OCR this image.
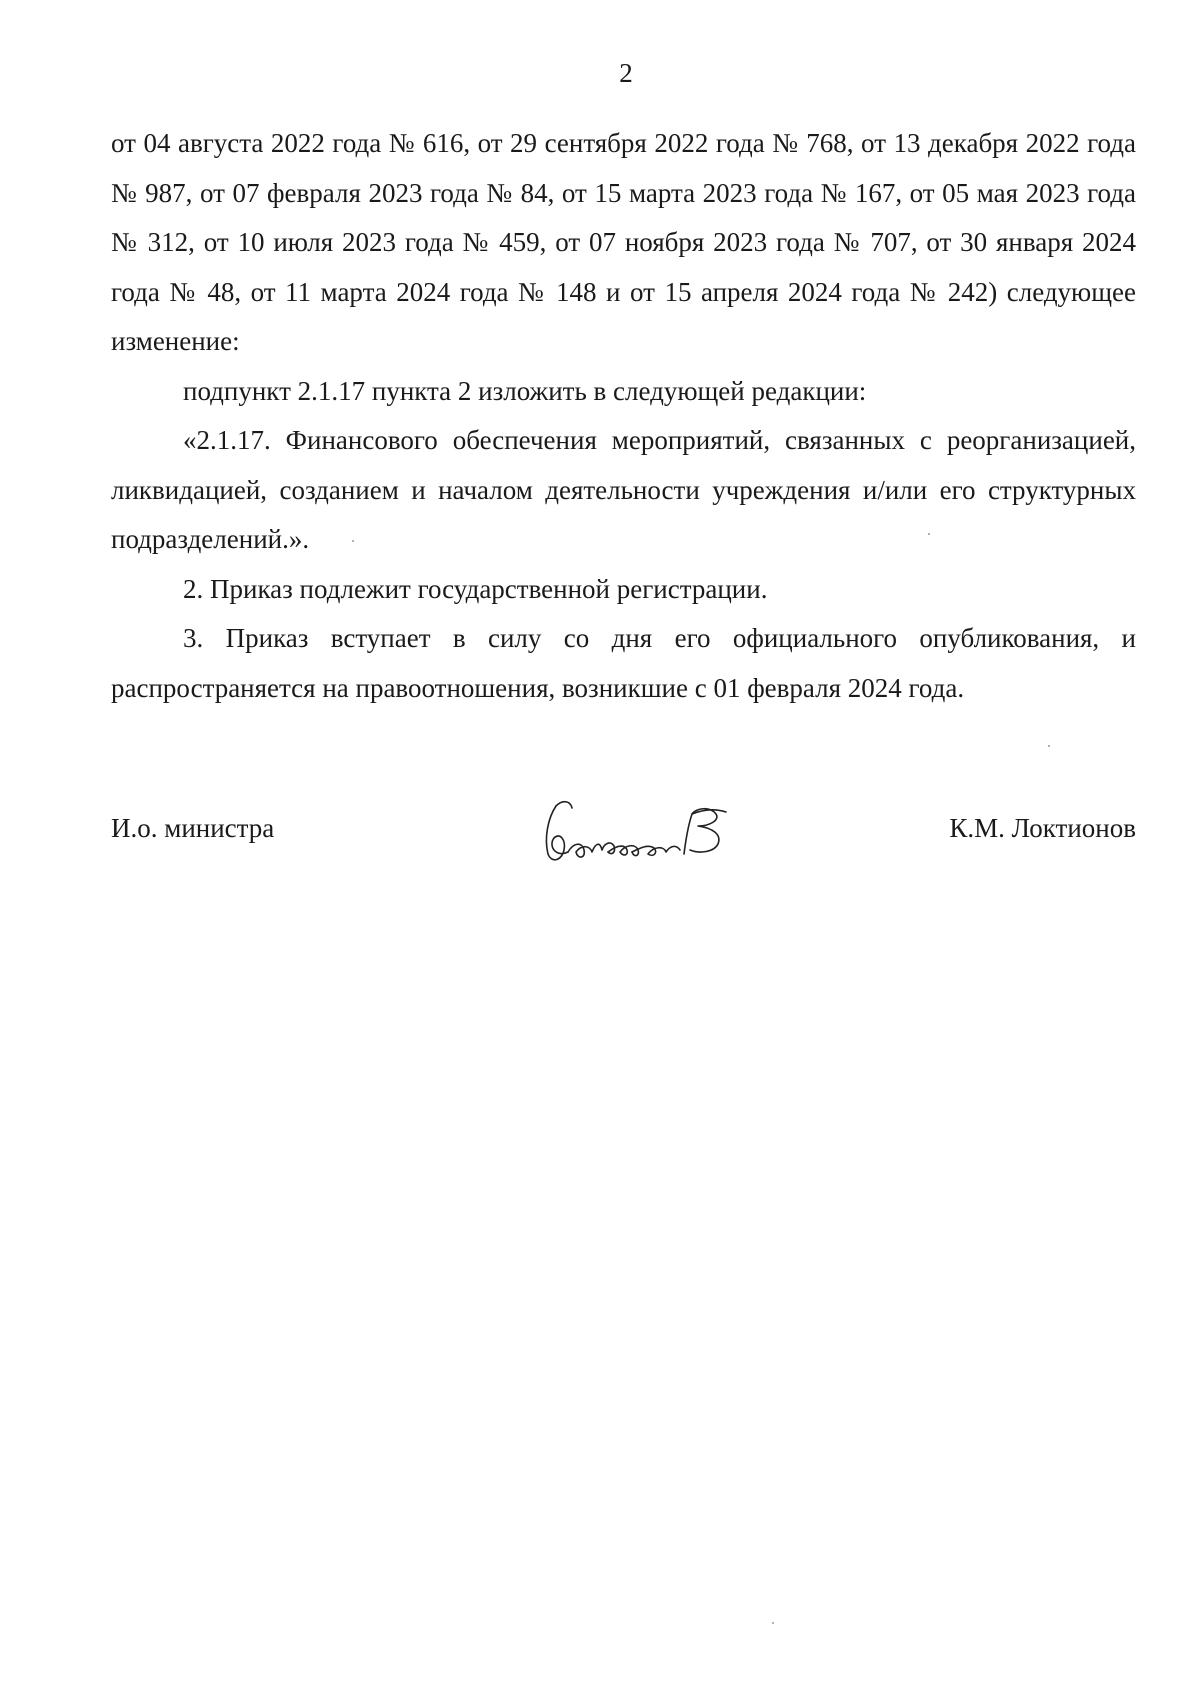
2

от 04 августа 2022 года № 616, от 29 сентября 2022 года № 768, от 13 декабря 2022 года № 987, от 07 февраля 2023 года № 84, от 15 марта 2023 года № 167, от 05 мая 2023 года № 312, от 10 июля 2023 года № 459, от 07 ноября 2023 года № 707, от 30 января 2024 года № 48, от 11 марта 2024 года № 148 и от 15 апреля 2024 года № 242) следующее изменение:

подпункт 2.1.17 пункта 2 изложить в следующей редакции:

«2.1.17. Финансового обеспечения мероприятий, связанных с реорганизацией, ликвидацией, созданием и началом деятельности учреждения и/или его структурных подразделений.».

2. Приказ подлежит государственной регистрации.

3. Приказ вступает в силу со дня его официального опубликования, и распространяется на правоотношения, возникшие с 01 февраля 2024 года.

И.о. министра	К.М. Локтионов
